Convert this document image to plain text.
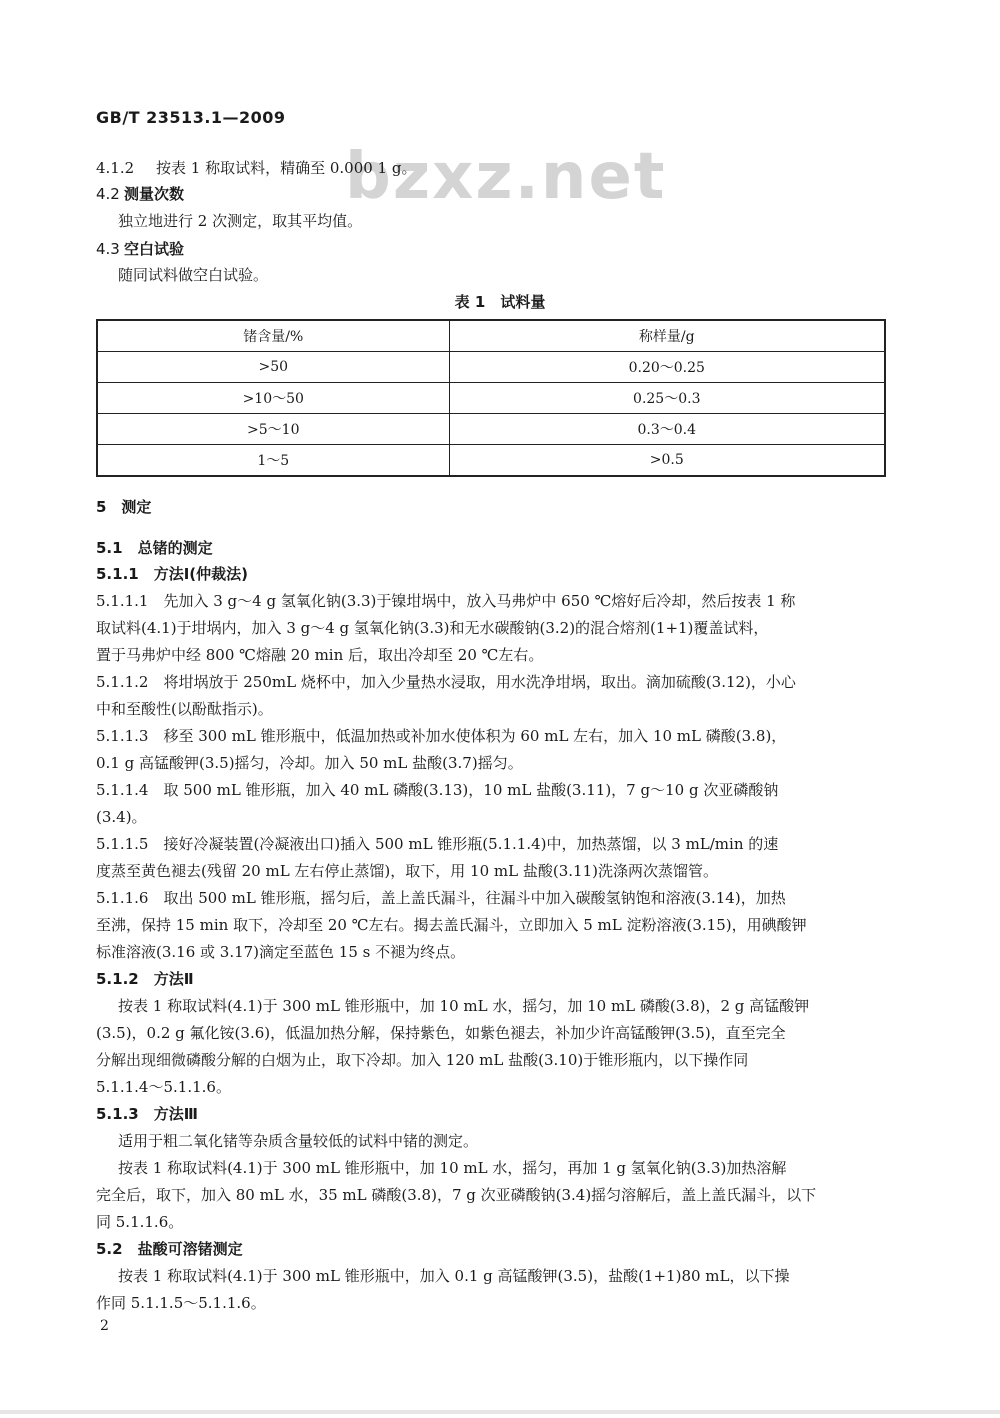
bzxz.net
GB/T 23513.1—2009
4.1.2 按表 1 称取试料，精确至 0.000 1 g。
4.2 测量次数
独立地进行 2 次测定，取其平均值。
4.3 空白试验
随同试料做空白试验。
表 1　试料量
锗含量/%	称样量/g
>50	0.20～0.25
>10～50	0.25～0.3
>5～10	0.3～0.4
1～5	>0.5
5　测定
5.1　总锗的测定
5.1.1　方法Ⅰ(仲裁法)
5.1.1.1　先加入 3 g～4 g 氢氧化钠(3.3)于镍坩埚中，放入马弗炉中 650 ℃熔好后冷却，然后按表 1 称
取试料(4.1)于坩埚内，加入 3 g～4 g 氢氧化钠(3.3)和无水碳酸钠(3.2)的混合熔剂(1+1)覆盖试料，
置于马弗炉中经 800 ℃熔融 20 min 后，取出冷却至 20 ℃左右。
5.1.1.2　将坩埚放于 250mL 烧杯中，加入少量热水浸取，用水洗净坩埚，取出。滴加硫酸(3.12)，小心
中和至酸性(以酚酞指示)。
5.1.1.3　移至 300 mL 锥形瓶中，低温加热或补加水使体积为 60 mL 左右，加入 10 mL 磷酸(3.8)，
0.1 g 高锰酸钾(3.5)摇匀，冷却。加入 50 mL 盐酸(3.7)摇匀。
5.1.1.4　取 500 mL 锥形瓶，加入 40 mL 磷酸(3.13)，10 mL 盐酸(3.11)，7 g～10 g 次亚磷酸钠
(3.4)。
5.1.1.5　接好冷凝装置(冷凝液出口)插入 500 mL 锥形瓶(5.1.1.4)中，加热蒸馏，以 3 mL/min 的速
度蒸至黄色褪去(残留 20 mL 左右停止蒸馏)，取下，用 10 mL 盐酸(3.11)洗涤两次蒸馏管。
5.1.1.6　取出 500 mL 锥形瓶，摇匀后，盖上盖氏漏斗，往漏斗中加入碳酸氢钠饱和溶液(3.14)，加热
至沸，保持 15 min 取下，冷却至 20 ℃左右。揭去盖氏漏斗，立即加入 5 mL 淀粉溶液(3.15)，用碘酸钾
标准溶液(3.16 或 3.17)滴定至蓝色 15 s 不褪为终点。
5.1.2　方法Ⅱ
按表 1 称取试料(4.1)于 300 mL 锥形瓶中，加 10 mL 水，摇匀，加 10 mL 磷酸(3.8)，2 g 高锰酸钾
(3.5)，0.2 g 氟化铵(3.6)，低温加热分解，保持紫色，如紫色褪去，补加少许高锰酸钾(3.5)，直至完全
分解出现细微磷酸分解的白烟为止，取下冷却。加入 120 mL 盐酸(3.10)于锥形瓶内，以下操作同
5.1.1.4～5.1.1.6。
5.1.3　方法Ⅲ
适用于粗二氧化锗等杂质含量较低的试料中锗的测定。
按表 1 称取试料(4.1)于 300 mL 锥形瓶中，加 10 mL 水，摇匀，再加 1 g 氢氧化钠(3.3)加热溶解
完全后，取下，加入 80 mL 水，35 mL 磷酸(3.8)，7 g 次亚磷酸钠(3.4)摇匀溶解后，盖上盖氏漏斗，以下
同 5.1.1.6。
5.2　盐酸可溶锗测定
按表 1 称取试料(4.1)于 300 mL 锥形瓶中，加入 0.1 g 高锰酸钾(3.5)，盐酸(1+1)80 mL，以下操
作同 5.1.1.5～5.1.1.6。
2
